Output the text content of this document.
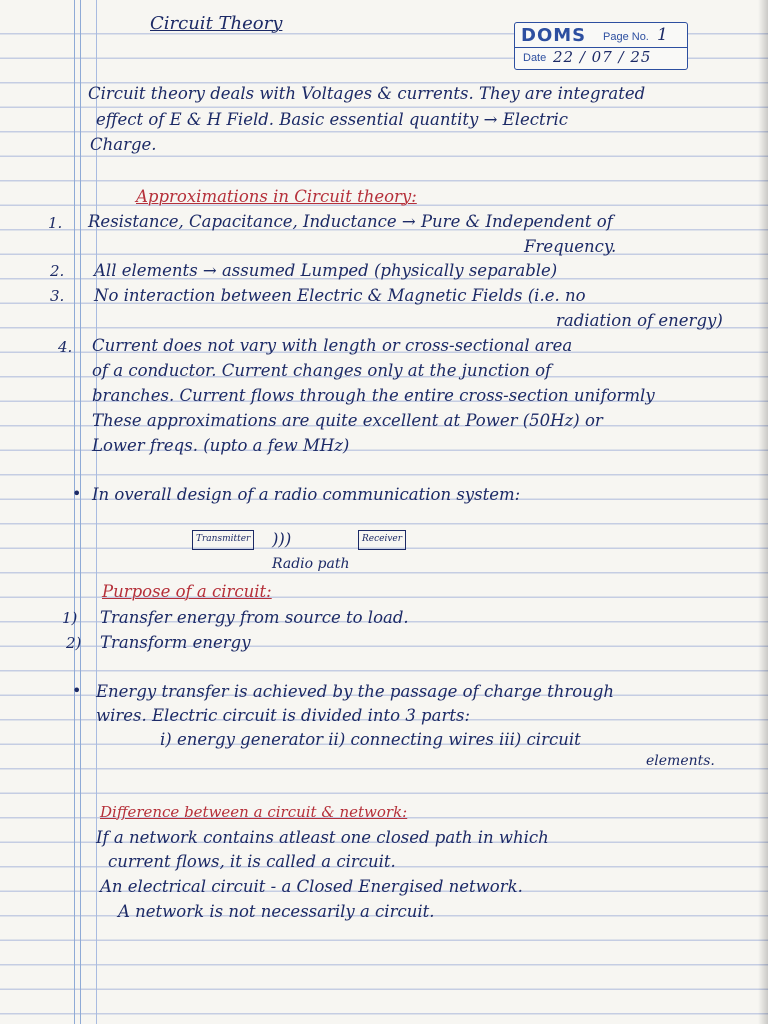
Circuit Theory
DOMS Page No. 1
Date 22 / 07 / 25
Circuit theory deals with Voltages & currents. They are integrated
effect of E & H Field. Basic essential quantity → Electric
Charge.
Approximations in Circuit theory:
1. Resistance, Capacitance, Inductance → Pure & Independent of
Frequency.
2. All elements → assumed Lumped (physically separable)
3. No interaction between Electric & Magnetic Fields (i.e. no
radiation of energy)
4. Current does not vary with length or cross-sectional area
of a conductor. Current changes only at the junction of
branches. Current flows through the entire cross-section uniformly
These approximations are quite excellent at Power (50Hz) or
Lower freqs. (upto a few MHz)
• In overall design of a radio communication system:
Transmitter )))	Receiver
Radio path
Purpose of a circuit:
1) Transfer energy from source to load.
2) Transform energy
• Energy transfer is achieved by the passage of charge through
wires. Electric circuit is divided into 3 parts:
i) energy generator ii) connecting wires iii) circuit
elements.
Difference between a circuit & network:
If a network contains atleast one closed path in which
current flows, it is called a circuit.
An electrical circuit - a Closed Energised network.
A network is not necessarily a circuit.
